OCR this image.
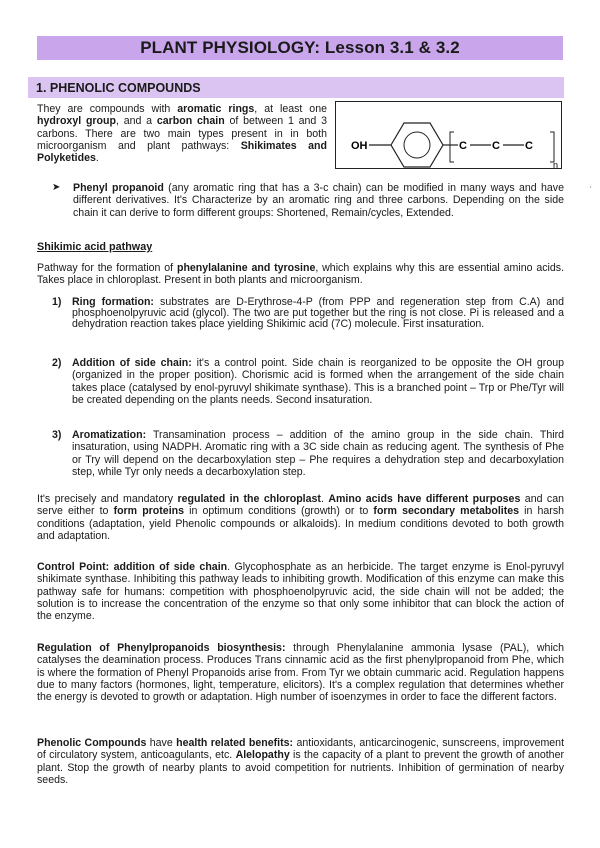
PLANT PHYSIOLOGY: Lesson 3.1 & 3.2
1. PHENOLIC COMPOUNDS
They are compounds with aromatic rings, at least one hydroxyl group, and a carbon chain of between 1 and 3 carbons. There are two main types present in in both microorganism and plant pathways: Shikimates and Polyketides.
OH	C C C
n
➤ Phenyl propanoid (any aromatic ring that has a 3-c chain) can be modified in many ways and have different derivatives. It's Characterize by an aromatic ring and three carbons. Depending on the side chain it can derive to form different groups: Shortened, Remain/cycles, Extended.
Shikimic acid pathway
Pathway for the formation of phenylalanine and tyrosine, which explains why this are essential amino acids. Takes place in chloroplast. Present in both plants and microorganism.
1) Ring formation: substrates are D-Erythrose-4-P (from PPP and regeneration step from C.A) and phosphoenolpyruvic acid (glycol). The two are put together but the ring is not close. Pi is released and a dehydration reaction takes place yielding Shikimic acid (7C) molecule. First insaturation.
2) Addition of side chain: it's a control point. Side chain is reorganized to be opposite the OH group (organized in the proper position). Chorismic acid is formed when the arrangement of the side chain takes place (catalysed by enol-pyruvyl shikimate synthase). This is a branched point – Trp or Phe/Tyr will be created depending on the plants needs. Second insaturation.
3) Aromatization: Transamination process – addition of the amino group in the side chain. Third insaturation, using NADPH. Aromatic ring with a 3C side chain as reducing agent. The synthesis of Phe or Try will depend on the decarboxylation step – Phe requires a dehydration step and decarboxylation step, while Tyr only needs a decarboxylation step.
It's precisely and mandatory regulated in the chloroplast. Amino acids have different purposes and can serve either to form proteins in optimum conditions (growth) or to form secondary metabolites in harsh conditions (adaptation, yield Phenolic compounds or alkaloids). In medium conditions devoted to both growth and adaptation.
Control Point: addition of side chain. Glycophosphate as an herbicide. The target enzyme is Enol-pyruvyl shikimate synthase. Inhibiting this pathway leads to inhibiting growth. Modification of this enzyme can make this pathway safe for humans: competition with phosphoenolpyruvic acid, the side chain will not be added; the solution is to increase the concentration of the enzyme so that only some inhibitor that can block the action of the enzyme.
Regulation of Phenylpropanoids biosynthesis: through Phenylalanine ammonia lysase (PAL), which catalyses the deamination process. Produces Trans cinnamic acid as the first phenylpropanoid from Phe, which is where the formation of Phenyl Propanoids arise from. From Tyr we obtain cummaric acid. Regulation happens due to many factors (hormones, light, temperature, elicitors). It's a complex regulation that determines whether the energy is devoted to growth or adaptation. High number of isoenzymes in order to face the different factors.
Phenolic Compounds have health related benefits: antioxidants, anticarcinogenic, sunscreens, improvement of circulatory system, anticoagulants, etc. Alelopathy is the capacity of a plant to prevent the growth of another plant. Stop the growth of nearby plants to avoid competition for nutrients. Inhibition of germination of nearby seeds.
'
